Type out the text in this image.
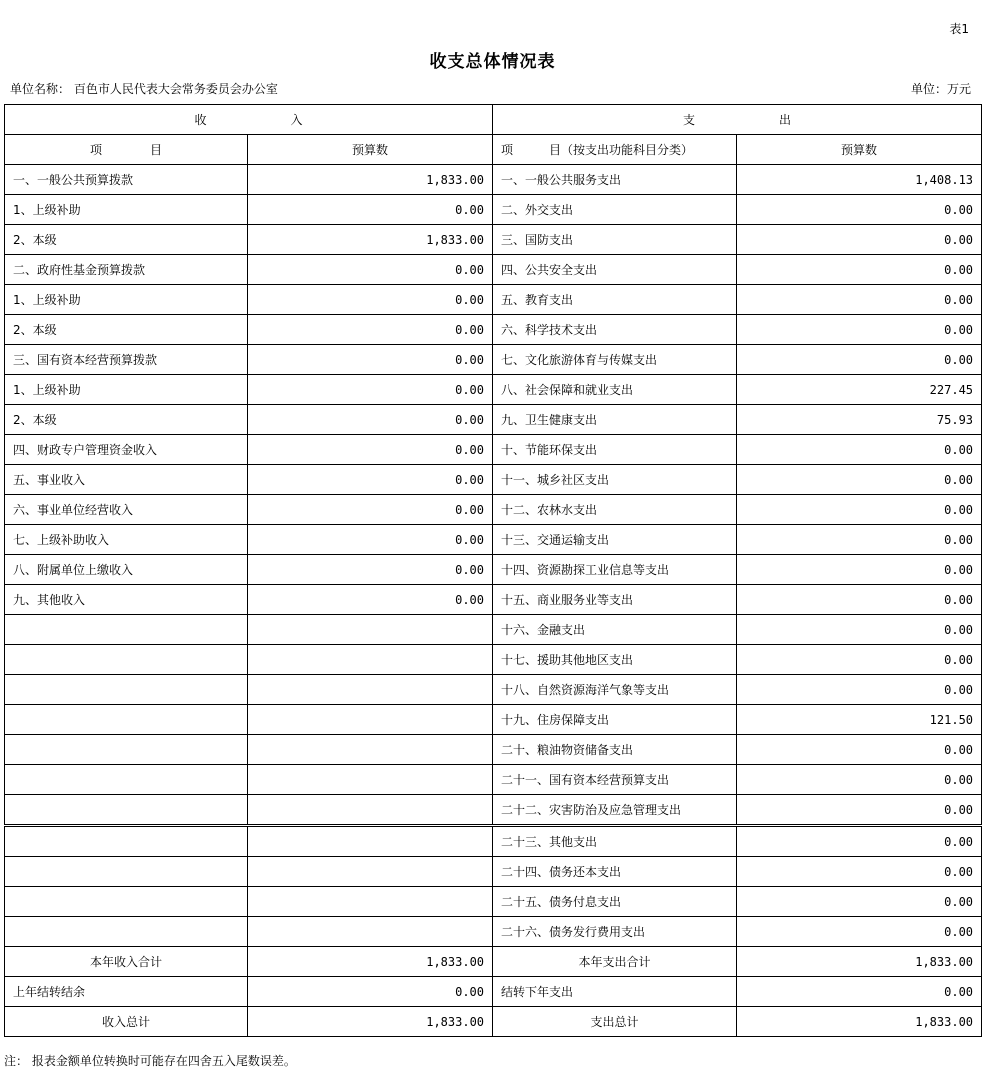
表1
收支总体情况表
单位名称： 百色市人民代表大会常务委员会办公室	单位：万元
收　　　　　　　入		支　　　　　　　出	
项　　　　目	预算数	项　　　目（按支出功能科目分类）	预算数
一、一般公共预算拨款	1,833.00	一、一般公共服务支出	1,408.13
1、上级补助	0.00	二、外交支出	0.00
2、本级	1,833.00	三、国防支出	0.00
二、政府性基金预算拨款	0.00	四、公共安全支出	0.00
1、上级补助	0.00	五、教育支出	0.00
2、本级	0.00	六、科学技术支出	0.00
三、国有资本经营预算拨款	0.00	七、文化旅游体育与传媒支出	0.00
1、上级补助	0.00	八、社会保障和就业支出	227.45
2、本级	0.00	九、卫生健康支出	75.93
四、财政专户管理资金收入	0.00	十、节能环保支出	0.00
五、事业收入	0.00	十一、城乡社区支出	0.00
六、事业单位经营收入	0.00	十二、农林水支出	0.00
七、上级补助收入	0.00	十三、交通运输支出	0.00
八、附属单位上缴收入	0.00	十四、资源勘探工业信息等支出	0.00
九、其他收入	0.00	十五、商业服务业等支出	0.00
		十六、金融支出	0.00
		十七、援助其他地区支出	0.00
		十八、自然资源海洋气象等支出	0.00
		十九、住房保障支出	121.50
		二十、粮油物资储备支出	0.00
		二十一、国有资本经营预算支出	0.00
		二十二、灾害防治及应急管理支出	0.00
		二十三、其他支出	0.00
		二十四、债务还本支出	0.00
		二十五、债务付息支出	0.00
		二十六、债务发行费用支出	0.00
本年收入合计	1,833.00	本年支出合计	1,833.00
上年结转结余	0.00	结转下年支出	0.00
收入总计	1,833.00	支出总计	1,833.00
注： 报表金额单位转换时可能存在四舍五入尾数误差。
